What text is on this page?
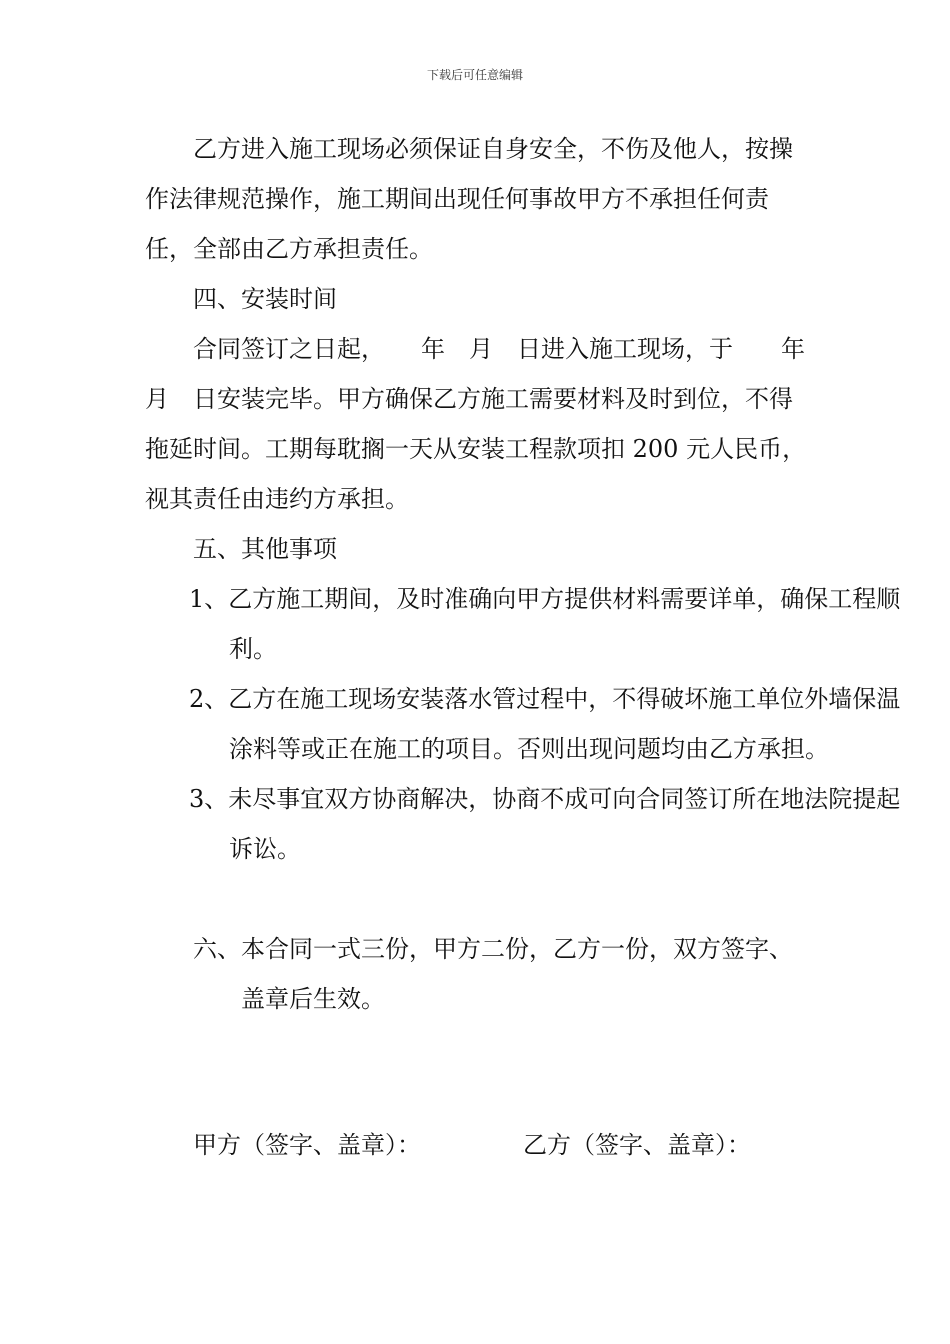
下载后可任意编辑

乙方进入施工现场必须保证自身安全，不伤及他人，按操作法律规范操作，施工期间出现任何事故甲方不承担任何责任，全部由乙方承担责任。

四、安装时间

合同签订之日起，　　年　月　日进入施工现场，于　　年月　日安装完毕。甲方确保乙方施工需要材料及时到位，不得拖延时间。工期每耽搁一天从安装工程款项扣 200 元人民币，视其责任由违约方承担。

五、其他事项

1、乙方施工期间，及时准确向甲方提供材料需要详单，确保工程顺利。

2、乙方在施工现场安装落水管过程中，不得破坏施工单位外墙保温涂料等或正在施工的项目。否则出现问题均由乙方承担。

3、未尽事宜双方协商解决，协商不成可向合同签订所在地法院提起诉讼。

六、本合同一式三份，甲方二份，乙方一份，双方签字、

盖章后生效。

甲方（签字、盖章）：	乙方（签字、盖章）：
